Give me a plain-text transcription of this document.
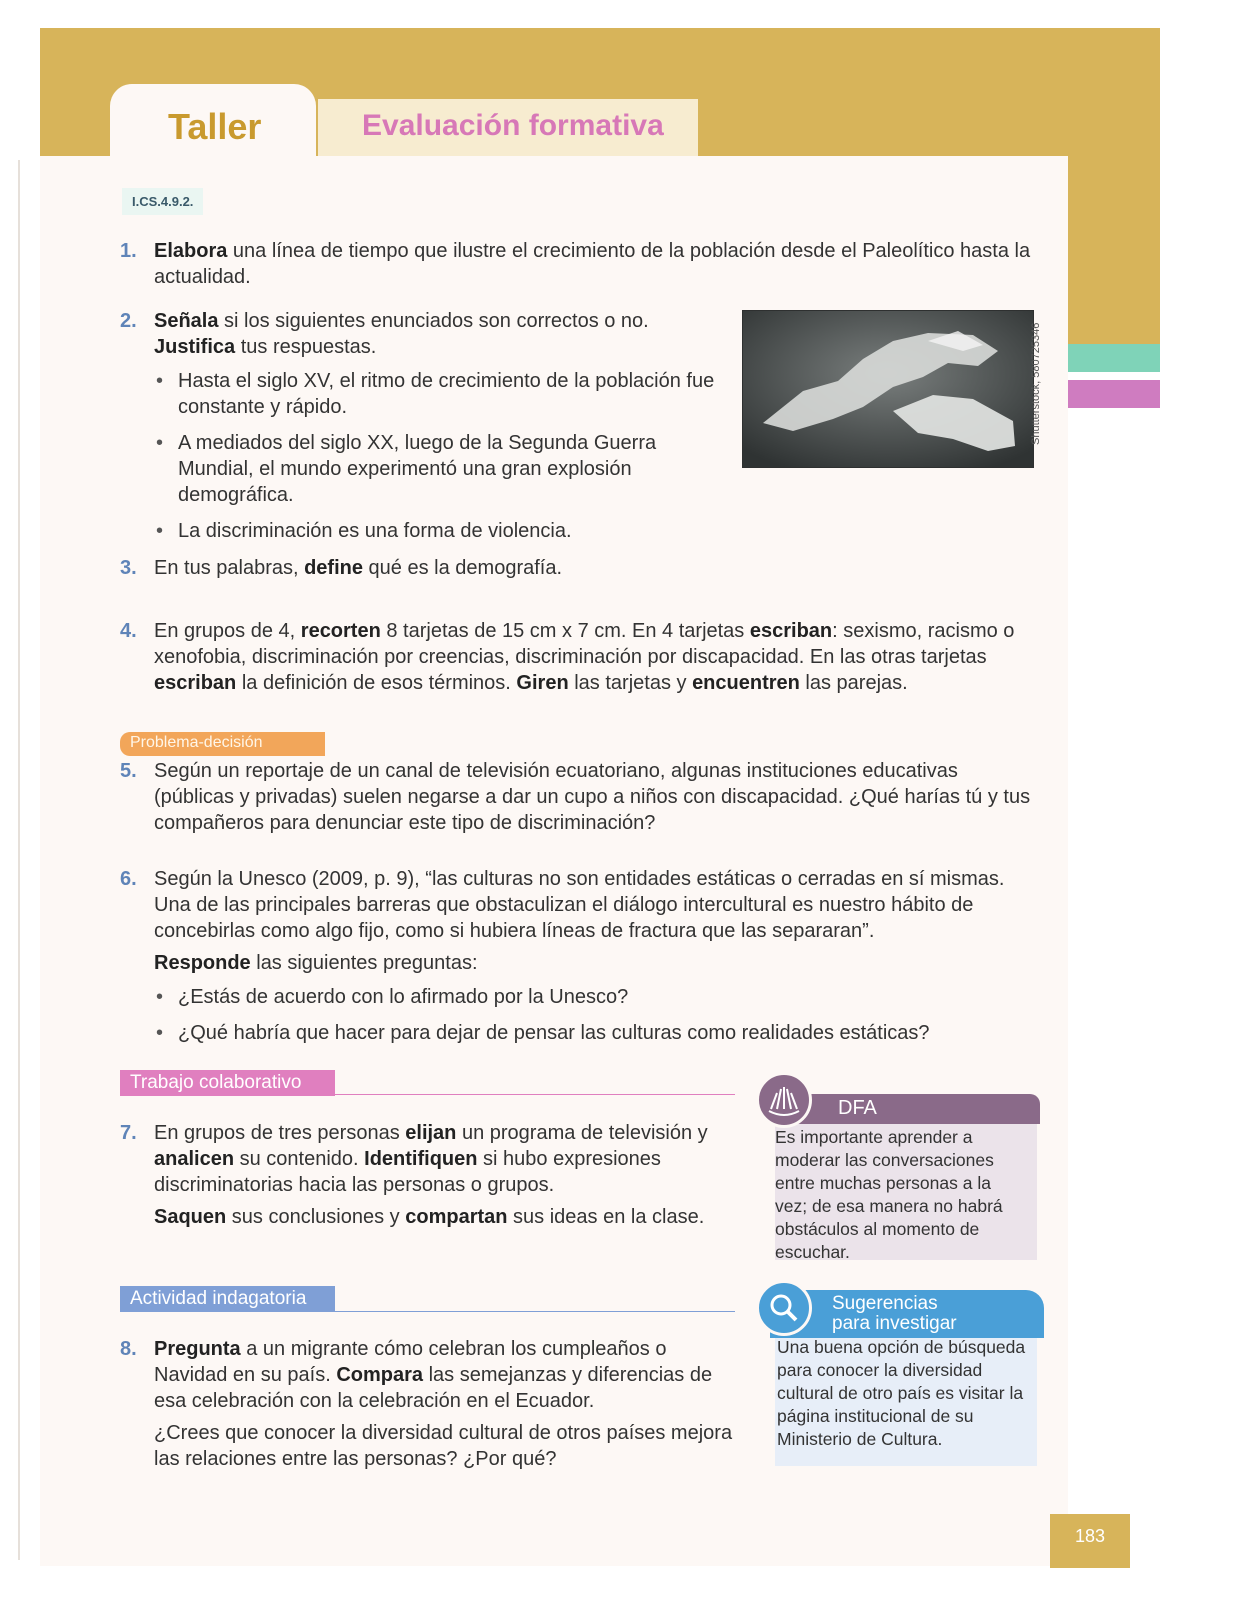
Taller	Evaluación formativa
I.CS.4.9.2.
1. Elabora una línea de tiempo que ilustre el crecimiento de la población desde el Paleolítico hasta la actualidad.
2. Señala si los siguientes enunciados son correctos o no. Justifica tus respuestas.
• Hasta el siglo XV, el ritmo de crecimiento de la población fue constante y rápido.
• A mediados del siglo XX, luego de la Segunda Guerra Mundial, el mundo experimentó una gran explosión demográfica.
• La discriminación es una forma de violencia.
Shutterstock, 580725346
3. En tus palabras, define qué es la demografía.
4. En grupos de 4, recorten 8 tarjetas de 15 cm x 7 cm. En 4 tarjetas escriban: sexismo, racismo o xenofobia, discriminación por creencias, discriminación por discapacidad. En las otras tarjetas escriban la definición de esos términos. Giren las tarjetas y encuentren las parejas.
Problema-decisión
5. Según un reportaje de un canal de televisión ecuatoriano, algunas instituciones educativas (públicas y privadas) suelen negarse a dar un cupo a niños con discapacidad. ¿Qué harías tú y tus compañeros para denunciar este tipo de discriminación?
6. Según la Unesco (2009, p. 9), “las culturas no son entidades estáticas o cerradas en sí mismas. Una de las principales barreras que obstaculizan el diálogo intercultural es nuestro hábito de concebirlas como algo fijo, como si hubiera líneas de fractura que las separaran”.
Responde las siguientes preguntas:
• ¿Estás de acuerdo con lo afirmado por la Unesco?
• ¿Qué habría que hacer para dejar de pensar las culturas como realidades estáticas?
Trabajo colaborativo
7. En grupos de tres personas elijan un programa de televisión y analicen su contenido. Identifiquen si hubo expresiones discriminatorias hacia las personas o grupos.
Saquen sus conclusiones y compartan sus ideas en la clase.
Actividad indagatoria
8. Pregunta a un migrante cómo celebran los cumpleaños o Navidad en su país. Compara las semejanzas y diferencias de esa celebración con la celebración en el Ecuador.
¿Crees que conocer la diversidad cultural de otros países mejora las relaciones entre las personas? ¿Por qué?
DFA
Es importante aprender a moderar las conversaciones entre muchas personas a la vez; de esa manera no habrá obstáculos al momento de escuchar.
Sugerencias
para investigar
Una buena opción de búsqueda para conocer la diversidad cultural de otro país es visitar la página institucional de su Ministerio de Cultura.
183
